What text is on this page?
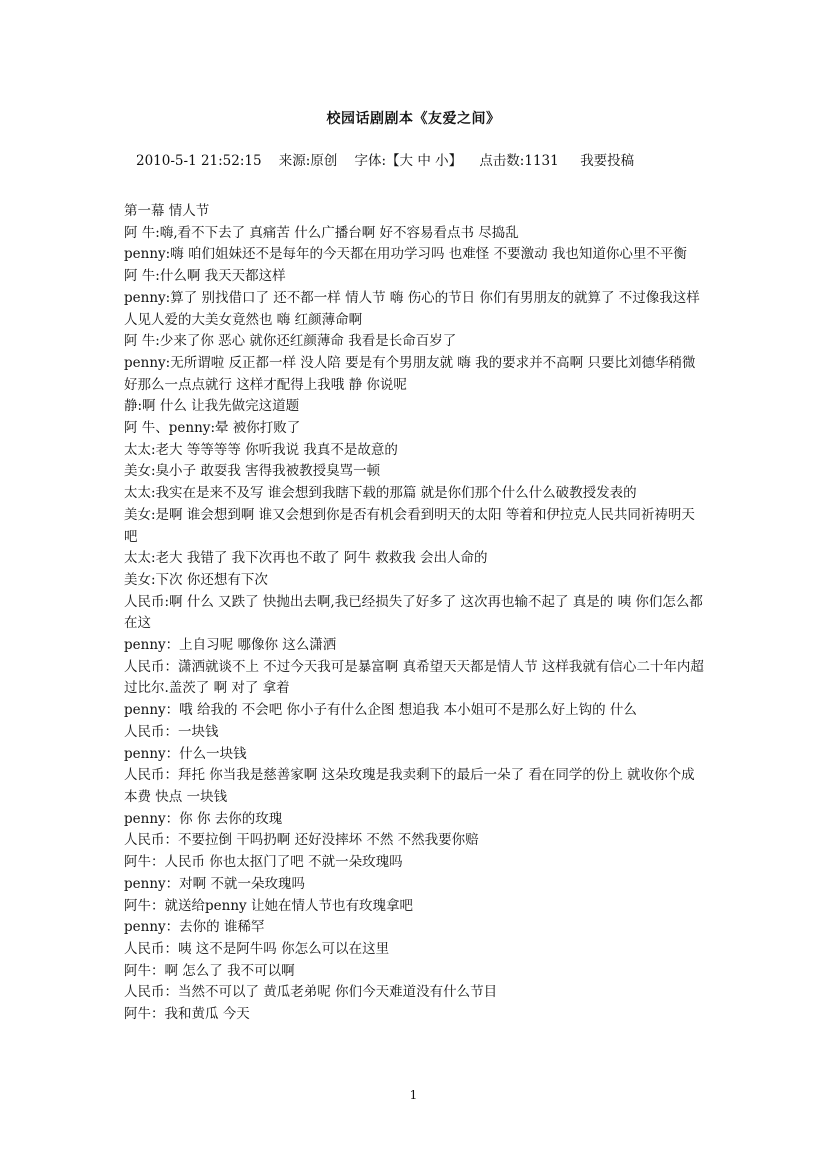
校园话剧剧本《友爱之间》
2010-5-1 21:52:15 来源:原创 字体:【大 中 小】 点击数:1131 我要投稿
第一幕 情人节
阿 牛:嗨,看不下去了 真痛苦 什么广播台啊 好不容易看点书 尽捣乱
penny:嗨 咱们姐妹还不是每年的今天都在用功学习吗 也难怪 不要激动 我也知道你心里不平衡
阿 牛:什么啊 我天天都这样
penny:算了 别找借口了 还不都一样 情人节 嗨 伤心的节日 你们有男朋友的就算了 不过像我这样人见人爱的大美女竟然也 嗨 红颜薄命啊
阿 牛:少来了你 恶心 就你还红颜薄命 我看是长命百岁了
penny:无所谓啦 反正都一样 没人陪 要是有个男朋友就 嗨 我的要求并不高啊 只要比刘德华稍微好那么一点点就行 这样才配得上我哦 静 你说呢
静:啊 什么 让我先做完这道题
阿 牛、penny:晕 被你打败了
太太:老大 等等等等 你听我说 我真不是故意的
美女:臭小子 敢耍我 害得我被教授臭骂一顿
太太:我实在是来不及写 谁会想到我瞎下载的那篇 就是你们那个什么什么破教授发表的
美女:是啊 谁会想到啊 谁又会想到你是否有机会看到明天的太阳 等着和伊拉克人民共同祈祷明天吧
太太:老大 我错了 我下次再也不敢了 阿牛 救救我 会出人命的
美女:下次 你还想有下次
人民币:啊 什么 又跌了 快抛出去啊,我已经损失了好多了 这次再也输不起了 真是的 咦 你们怎么都在这
penny：上自习呢 哪像你 这么潇洒
人民币：潇洒就谈不上 不过今天我可是暴富啊 真希望天天都是情人节 这样我就有信心二十年内超过比尔.盖茨了 啊 对了 拿着
penny：哦 给我的 不会吧 你小子有什么企图 想追我 本小姐可不是那么好上钩的 什么
人民币：一块钱
penny：什么一块钱
人民币：拜托 你当我是慈善家啊 这朵玫瑰是我卖剩下的最后一朵了 看在同学的份上 就收你个成本费 快点 一块钱
penny：你 你 去你的玫瑰
人民币：不要拉倒 干吗扔啊 还好没摔坏 不然 不然我要你赔
阿牛：人民币 你也太抠门了吧 不就一朵玫瑰吗
penny：对啊 不就一朵玫瑰吗
阿牛：就送给penny 让她在情人节也有玫瑰拿吧
penny：去你的 谁稀罕
人民币：咦 这不是阿牛吗 你怎么可以在这里
阿牛：啊 怎么了 我不可以啊
人民币：当然不可以了 黄瓜老弟呢 你们今天难道没有什么节目
阿牛：我和黄瓜 今天
1
